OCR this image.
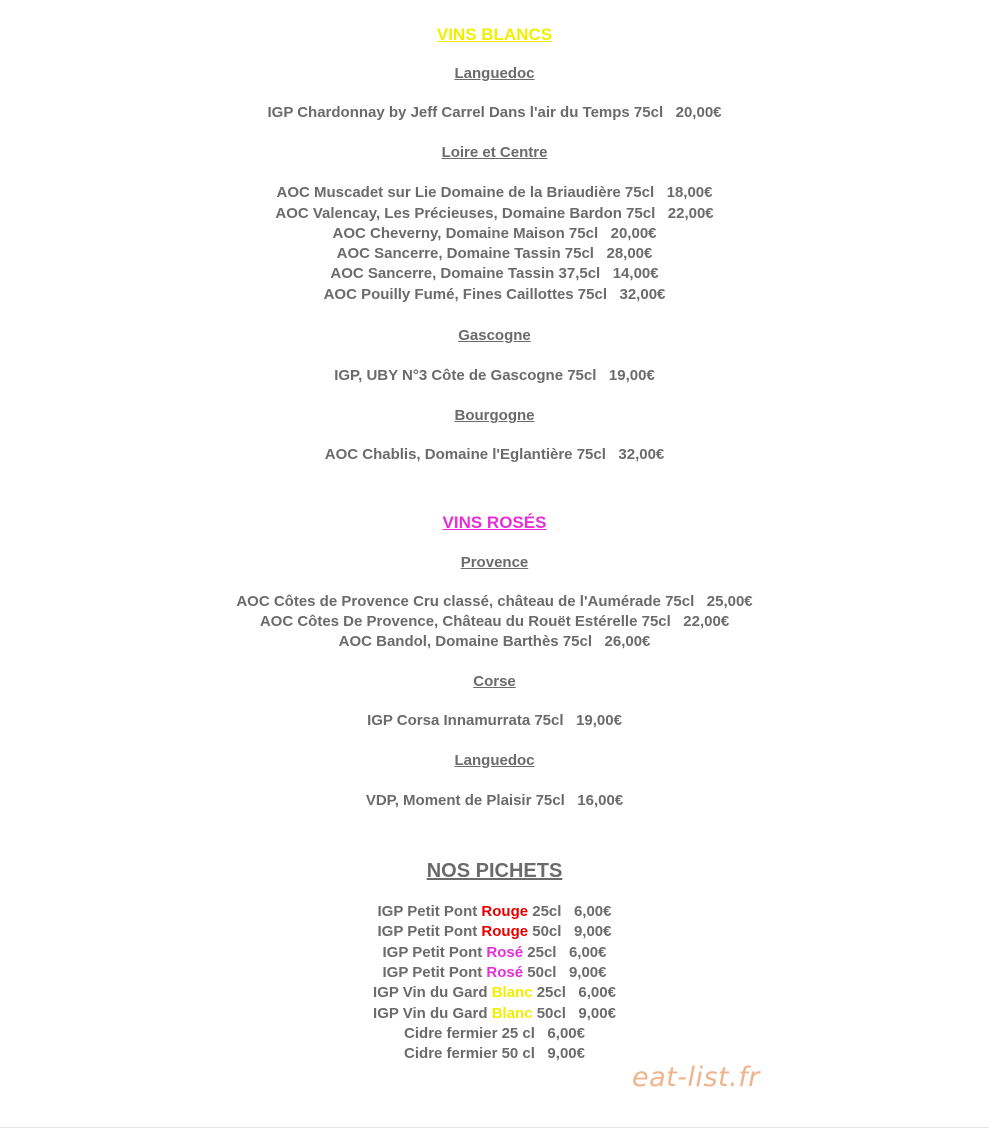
VINS BLANCS

Languedoc

IGP Chardonnay by Jeff Carrel Dans l'air du Temps 75cl   20,00€

Loire et Centre

AOC Muscadet sur Lie Domaine de la Briaudière 75cl   18,00€

AOC Valencay, Les Précieuses, Domaine Bardon 75cl   22,00€

AOC Cheverny, Domaine Maison 75cl   20,00€

AOC Sancerre, Domaine Tassin 75cl   28,00€

AOC Sancerre, Domaine Tassin 37,5cl   14,00€

AOC Pouilly Fumé, Fines Caillottes 75cl   32,00€

Gascogne

IGP, UBY N°3 Côte de Gascogne 75cl   19,00€

Bourgogne

AOC Chablis, Domaine l'Eglantière 75cl   32,00€

VINS ROSÉS

Provence

AOC Côtes de Provence Cru classé, château de l'Aumérade 75cl   25,00€

AOC Côtes De Provence, Château du Rouët Estérelle 75cl   22,00€

AOC Bandol, Domaine Barthès 75cl   26,00€

Corse

IGP Corsa Innamurrata 75cl   19,00€

Languedoc

VDP, Moment de Plaisir 75cl   16,00€

NOS PICHETS

IGP Petit Pont Rouge 25cl   6,00€

IGP Petit Pont Rouge 50cl   9,00€

IGP Petit Pont Rosé 25cl   6,00€

IGP Petit Pont Rosé 50cl   9,00€

IGP Vin du Gard Blanc 25cl   6,00€

IGP Vin du Gard Blanc 50cl   9,00€

Cidre fermier 25 cl   6,00€

Cidre fermier 50 cl   9,00€

eat-list.fr
